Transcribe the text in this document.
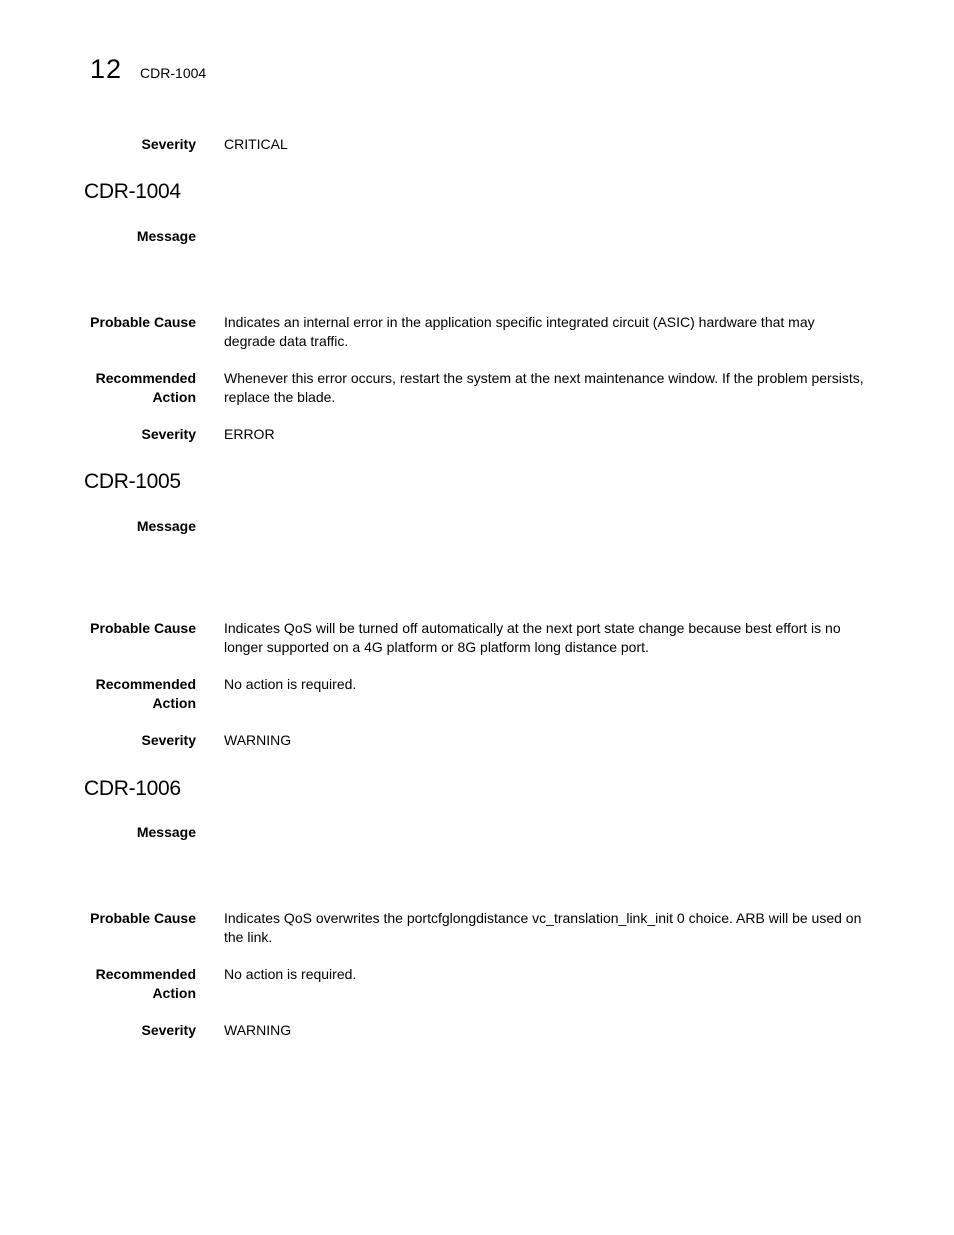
12 CDR-1004
Severity CRITICAL
CDR-1004
Message
Probable Cause Indicates an internal error in the application specific integrated circuit (ASIC) hardware that may degrade data traffic.
Recommended
Action
Whenever this error occurs, restart the system at the next maintenance window. If the problem persists, replace the blade.
Severity ERROR
CDR-1005
Message
Probable Cause Indicates QoS will be turned off automatically at the next port state change because best effort is no longer supported on a 4G platform or 8G platform long distance port.
Recommended
Action
No action is required.
Severity WARNING
CDR-1006
Message
Probable Cause Indicates QoS overwrites the portcfglongdistance vc_translation_link_init 0 choice. ARB will be used on the link.
Recommended
Action
No action is required.
Severity WARNING
